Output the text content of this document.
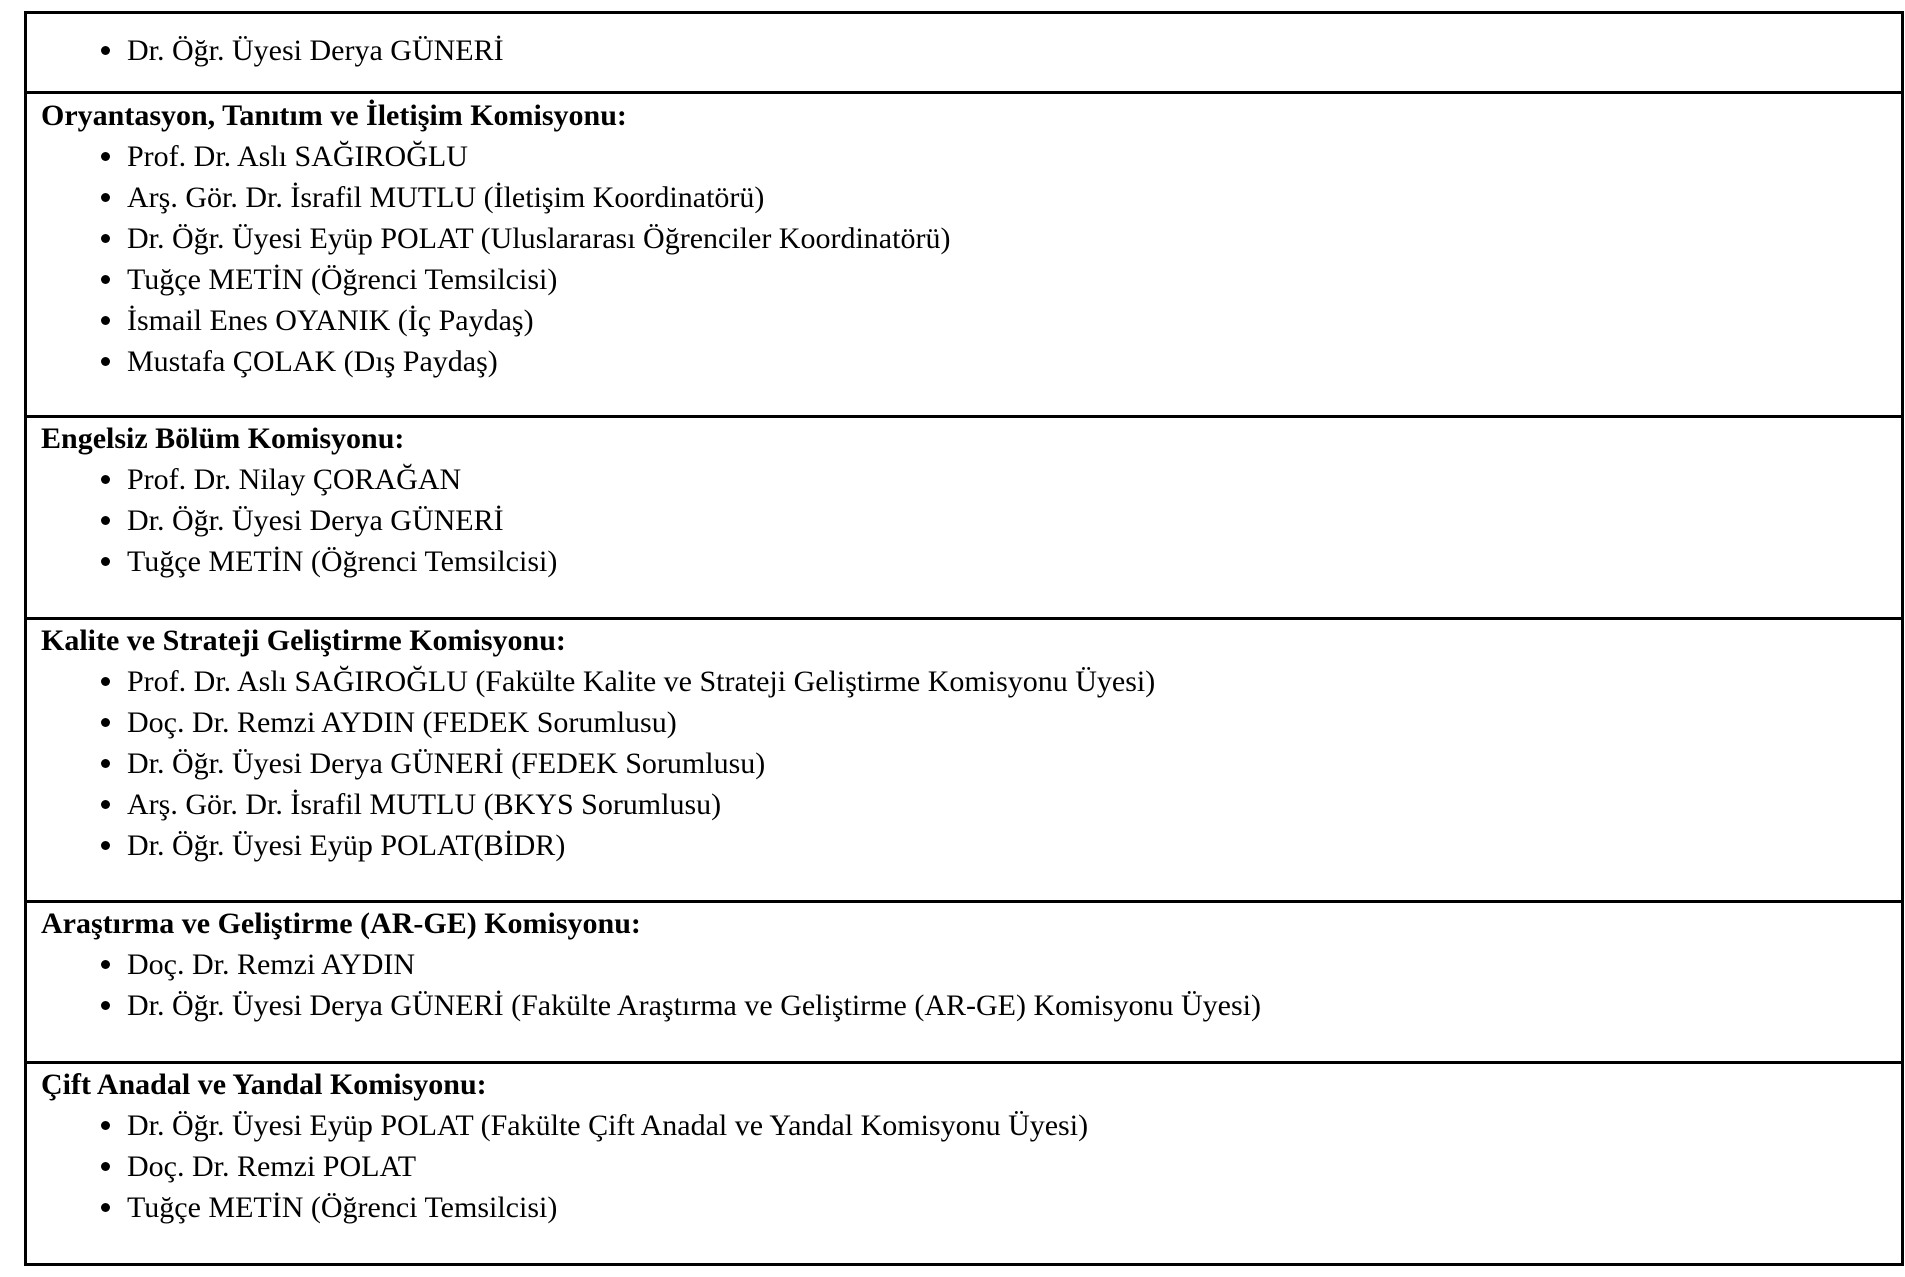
Dr. Öğr. Üyesi Derya GÜNERİ
Oryantasyon, Tanıtım ve İletişim Komisyonu:
Prof. Dr. Aslı SAĞIROĞLU
Arş. Gör. Dr. İsrafil MUTLU (İletişim Koordinatörü)
Dr. Öğr. Üyesi Eyüp POLAT (Uluslararası Öğrenciler Koordinatörü)
Tuğçe METİN (Öğrenci Temsilcisi)
İsmail Enes OYANIK (İç Paydaş)
Mustafa ÇOLAK (Dış Paydaş)
Engelsiz Bölüm Komisyonu:
Prof. Dr. Nilay ÇORAĞAN
Dr. Öğr. Üyesi Derya GÜNERİ
Tuğçe METİN (Öğrenci Temsilcisi)
Kalite ve Strateji Geliştirme Komisyonu:
Prof. Dr. Aslı SAĞIROĞLU (Fakülte Kalite ve Strateji Geliştirme Komisyonu Üyesi)
Doç. Dr. Remzi AYDIN (FEDEK Sorumlusu)
Dr. Öğr. Üyesi Derya GÜNERİ (FEDEK Sorumlusu)
Arş. Gör. Dr. İsrafil MUTLU (BKYS Sorumlusu)
Dr. Öğr. Üyesi Eyüp POLAT(BİDR)
Araştırma ve Geliştirme (AR-GE) Komisyonu:
Doç. Dr. Remzi AYDIN
Dr. Öğr. Üyesi Derya GÜNERİ (Fakülte Araştırma ve Geliştirme (AR-GE) Komisyonu Üyesi)
Çift Anadal ve Yandal Komisyonu:
Dr. Öğr. Üyesi Eyüp POLAT (Fakülte Çift Anadal ve Yandal Komisyonu Üyesi)
Doç. Dr. Remzi POLAT
Tuğçe METİN (Öğrenci Temsilcisi)
